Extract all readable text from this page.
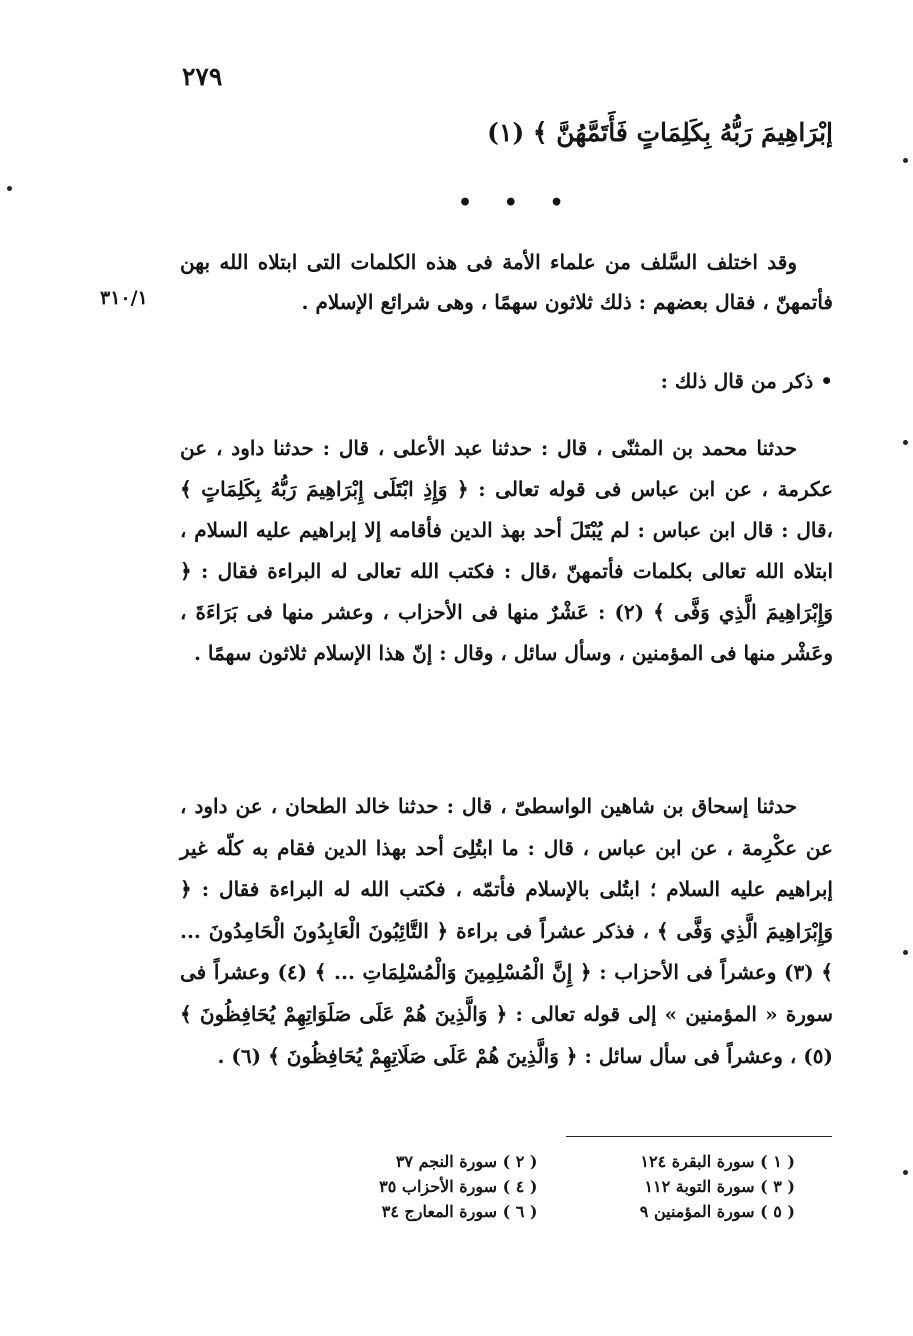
٢٧٩
إبْرَاهِيمَ رَبُّهُ بِكَلِمَاتٍ فَأَتَمَّهُنَّ ﴾ (١)
• • •
٣١٠/١

وقد اختلف السَّلف من علماء الأمة فى هذه الكلمات التى ابتلاه الله بهن فأتمهنّ ، فقال بعضهم : ذلك ثلاثون سهمًا ، وهى شرائع الإسلام .

• ذكر من قال ذلك :

حدثنا محمد بن المثنّى ، قال : حدثنا عبد الأعلى ، قال : حدثنا داود ، عن عكرمة ، عن ابن عباس فى قوله تعالى : ﴿ وَإِذِ ابْتَلَى إِبْرَاهِيمَ رَبُّهُ بِكَلِمَاتٍ ﴾ ،قال : قال ابن عباس : لم يُبْتَلَ أحد بهذ الدين فأقامه إلا إبراهيم عليه السلام ، ابتلاه الله تعالى بكلمات فأتمهنّ ،قال : فكتب الله تعالى له البراءة فقال : ﴿ وَإِبْرَاهِيمَ الَّذِي وَفَّى ﴾ (٢) : عَشْرٌ منها فى الأحزاب ، وعشر منها فى بَرَاءَةَ ، وعَشْر منها فى المؤمنين ، وسأل سائل ، وقال : إنّ هذا الإسلام ثلاثون سهمًا .

حدثنا إسحاق بن شاهين الواسطىّ ، قال : حدثنا خالد الطحان ، عن داود ، عن عكْرِمة ، عن ابن عباس ، قال : ما ابتُلِىَ أحد بهذا الدين فقام به كلّه غير إبراهيم عليه السلام ؛ ابتُلى بالإسلام فأتمّه ، فكتب الله له البراءة فقال : ﴿ وَإِبْرَاهِيمَ الَّذِي وَفَّى ﴾ ، فذكر عشراً فى براءة ﴿ التَّائِبُونَ الْعَابِدُونَ الْحَامِدُونَ ... ﴾ (٣) وعشراً فى الأحزاب : ﴿ إِنَّ الْمُسْلِمِينَ وَالْمُسْلِمَاتِ ... ﴾ (٤) وعشراً فى سورة « المؤمنين » إلى قوله تعالى : ﴿ وَالَّذِينَ هُمْ عَلَى صَلَوَاتِهِمْ يُحَافِظُونَ ﴾ (٥) ، وعشراً فى سأل سائل : ﴿ وَالَّذِينَ هُمْ عَلَى صَلَاتِهِمْ يُحَافِظُونَ ﴾ (٦) .

( ١ ) سورة البقرة ١٢٤
( ٢ ) سورة النجم ٣٧
( ٣ ) سورة التوبة ١١٢
( ٤ ) سورة الأحزاب ٣٥
( ٥ ) سورة المؤمنين ٩
( ٦ ) سورة المعارج ٣٤
